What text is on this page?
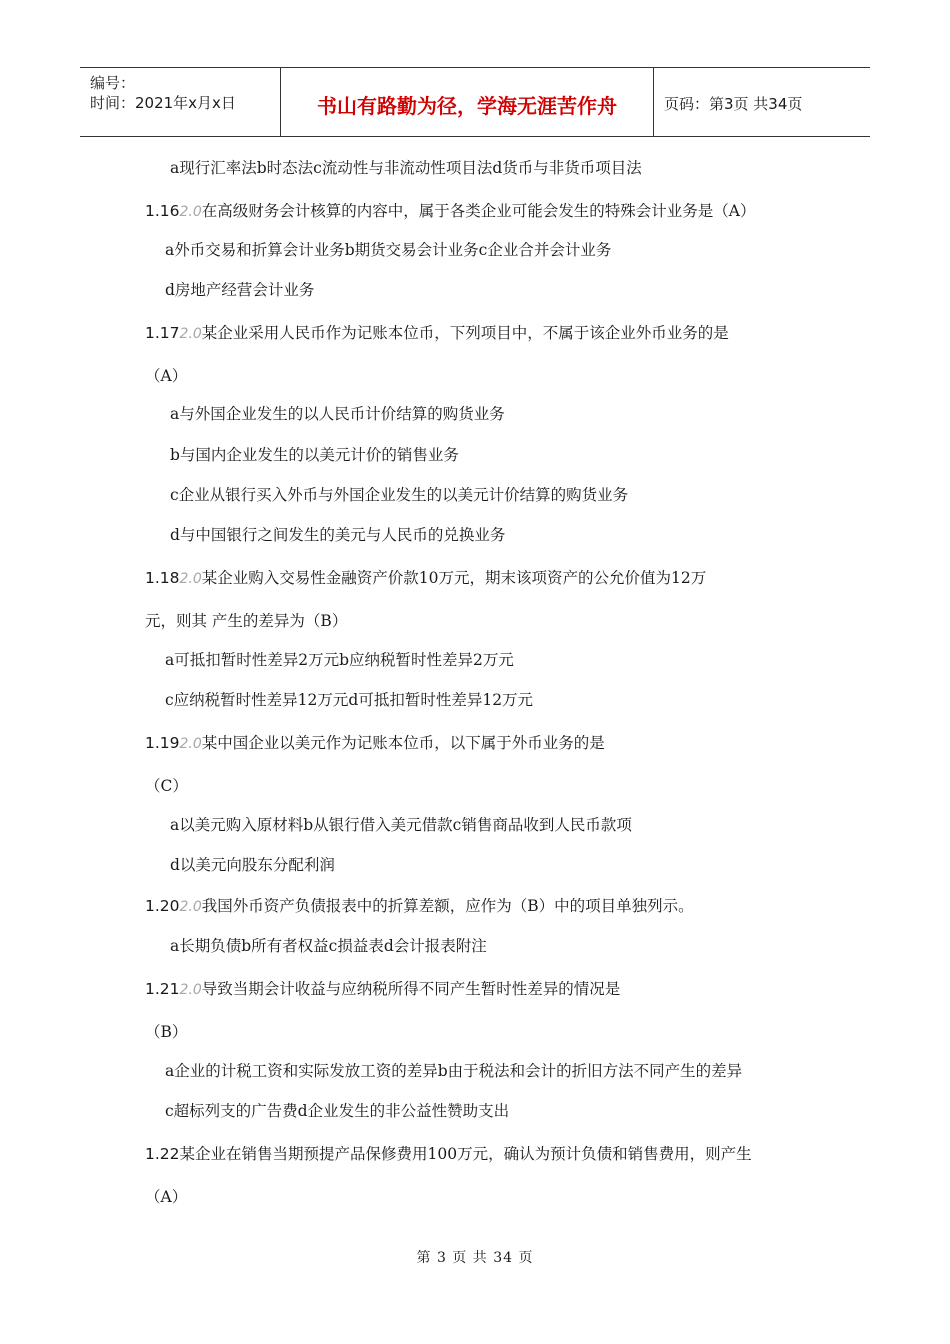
编号：
时间：2021年x月x日	书山有路勤为径，学海无涯苦作舟	页码：第3页 共34页
a现行汇率法b时态法c流动性与非流动性项目法d货币与非货币项目法
1.162.0在高级财务会计核算的内容中，属于各类企业可能会发生的特殊会计业务是（A）
a外币交易和折算会计业务b期货交易会计业务c企业合并会计业务
d房地产经营会计业务
1.172.0某企业采用人民币作为记账本位币，下列项目中，不属于该企业外币业务的是
（A）
a与外国企业发生的以人民币计价结算的购货业务
b与国内企业发生的以美元计价的销售业务
c企业从银行买入外币与外国企业发生的以美元计价结算的购货业务
d与中国银行之间发生的美元与人民币的兑换业务
1.182.0某企业购入交易性金融资产价款10万元，期末该项资产的公允价值为12万
元，则其 产生的差异为（B）
a可抵扣暂时性差异2万元b应纳税暂时性差异2万元
c应纳税暂时性差异12万元d可抵扣暂时性差异12万元
1.192.0某中国企业以美元作为记账本位币，以下属于外币业务的是
（C）
a以美元购入原材料b从银行借入美元借款c销售商品收到人民币款项
d以美元向股东分配利润
1.202.0我国外币资产负债报表中的折算差额，应作为（B）中的项目单独列示。
a长期负债b所有者权益c损益表d会计报表附注
1.212.0导致当期会计收益与应纳税所得不同产生暂时性差异的情况是
（B）
a企业的计税工资和实际发放工资的差异b由于税法和会计的折旧方法不同产生的差异
c超标列支的广告费d企业发生的非公益性赞助支出
1.22某企业在销售当期预提产品保修费用100万元，确认为预计负债和销售费用，则产生
（A）
第 3 页 共 34 页
